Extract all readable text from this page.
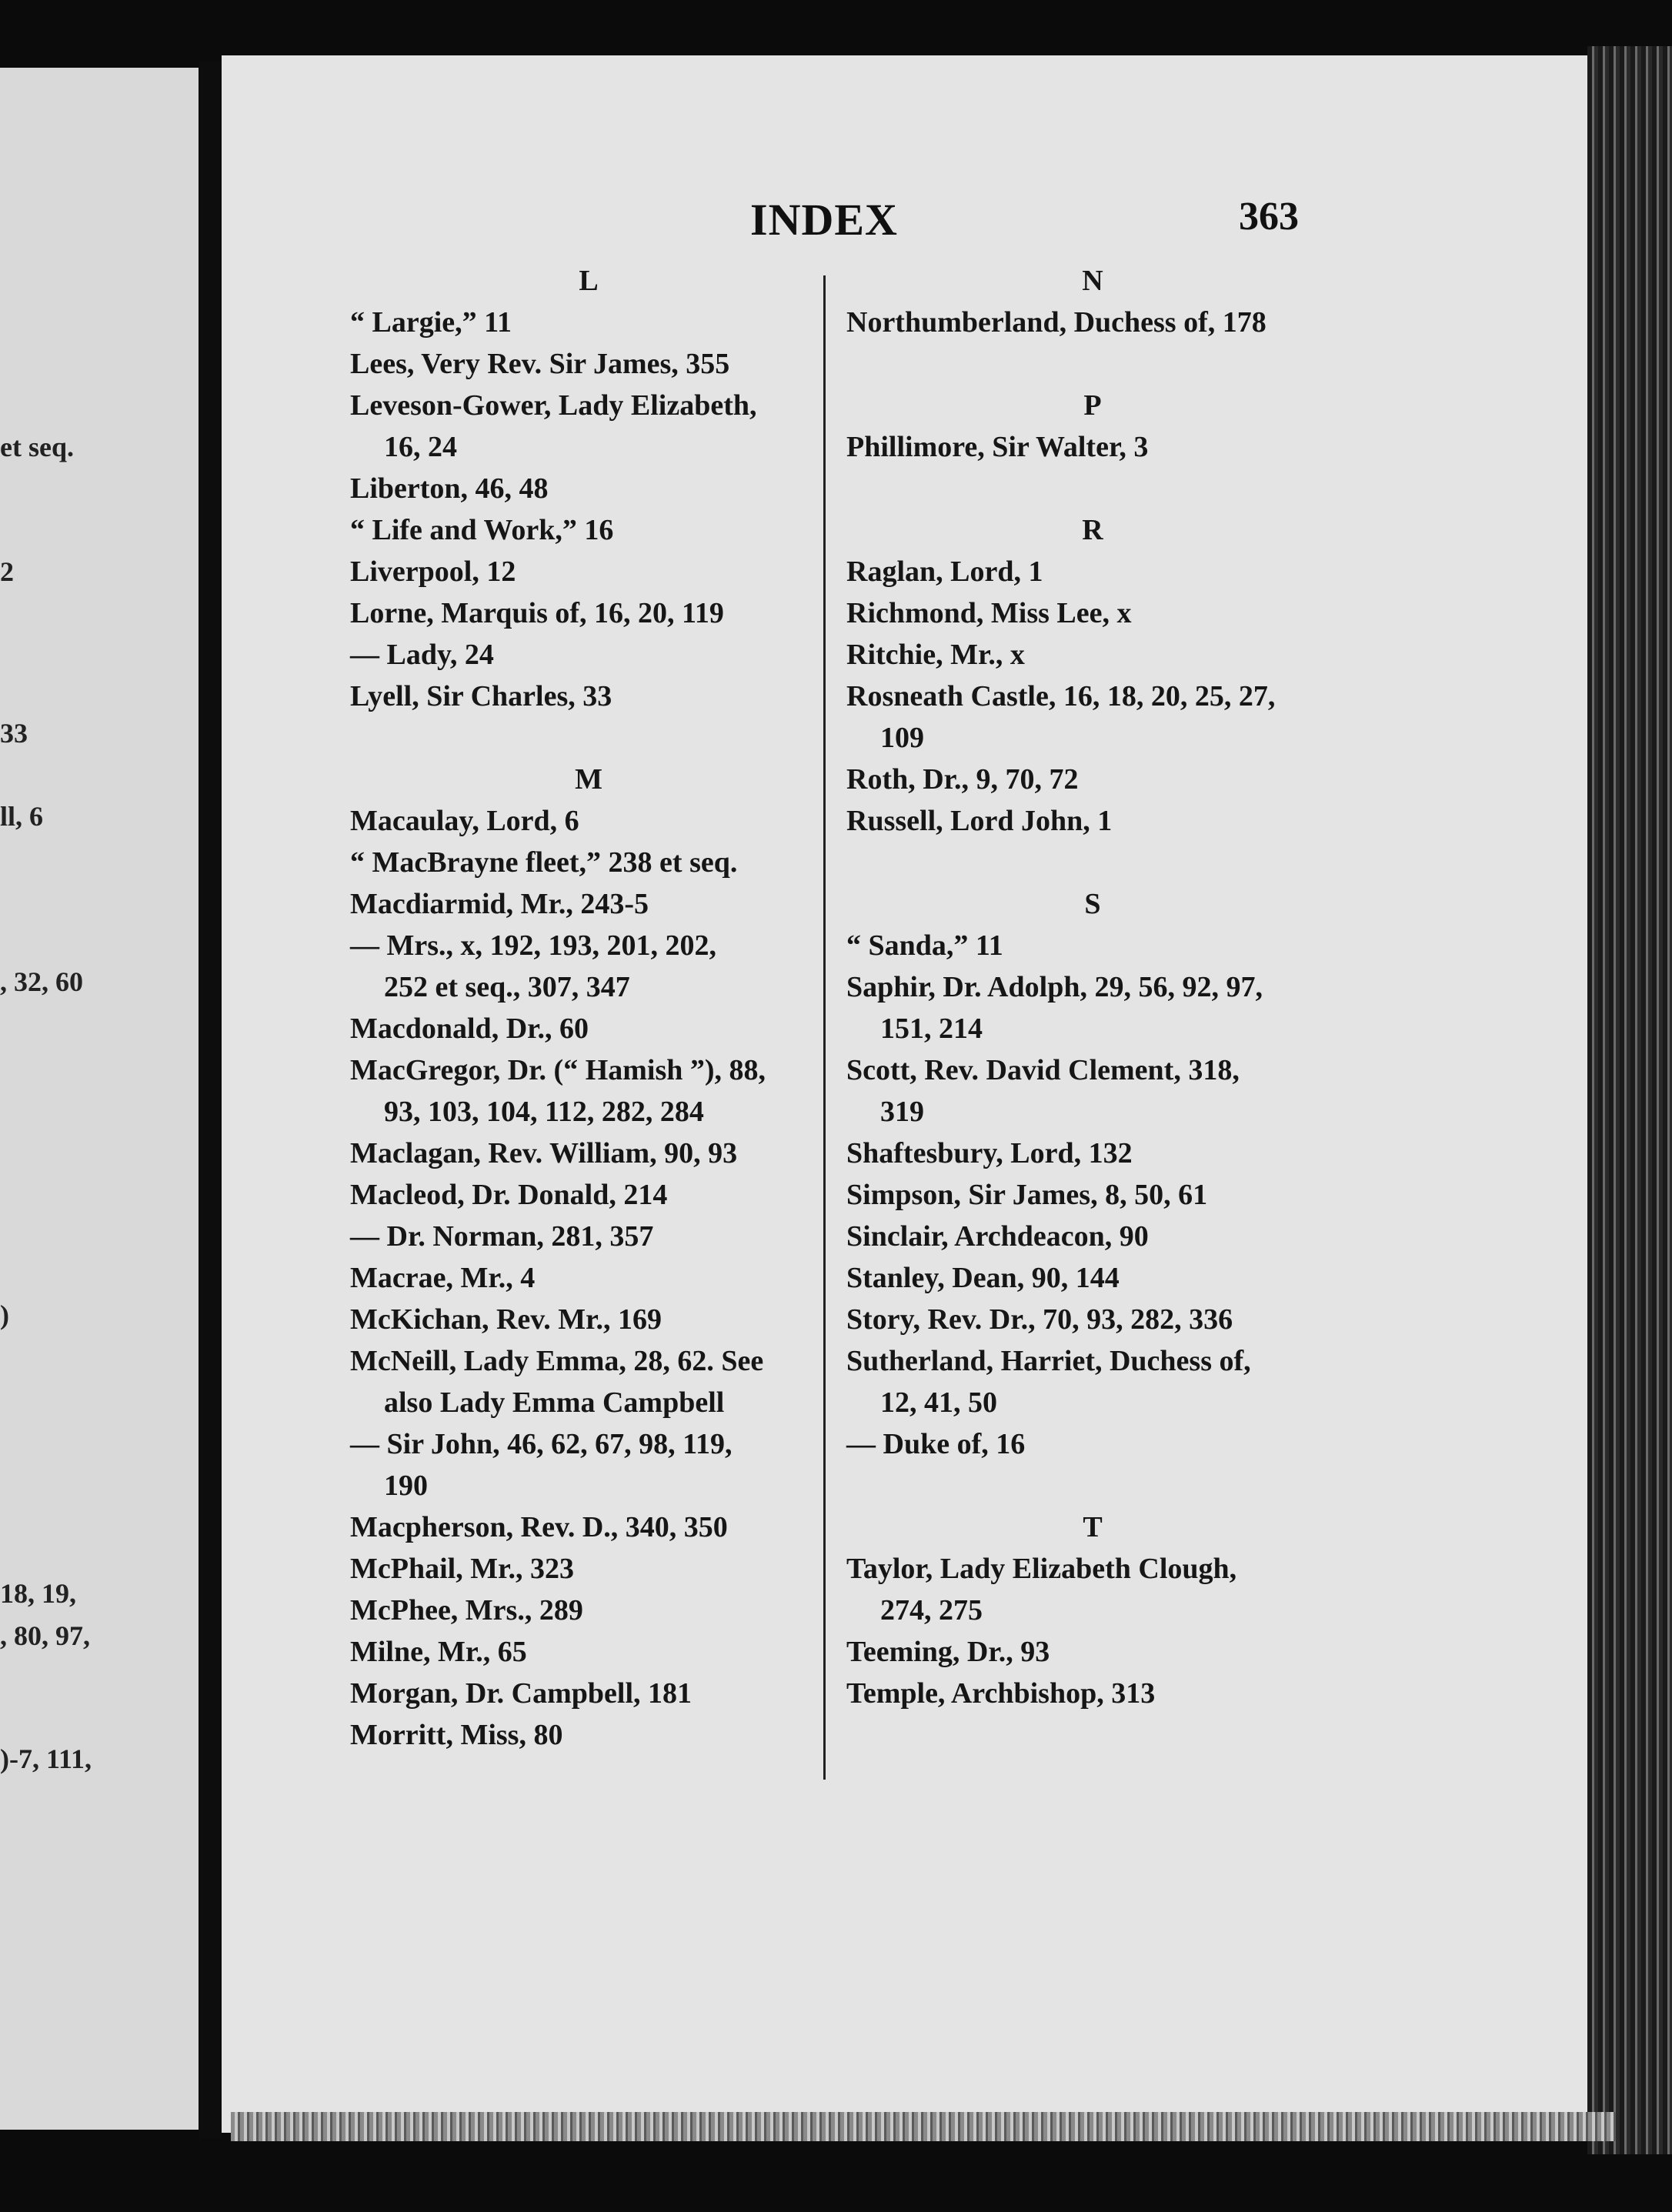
et seq.
2
33
ll, 6
, 32, 60
)
18, 19,
, 80, 97,
)-7, 111,
INDEX	363
L
“ Largie,” 11
Lees, Very Rev. Sir James, 355
Leveson-Gower, Lady Elizabeth,
16, 24
Liberton, 46, 48
“ Life and Work,” 16
Liverpool, 12
Lorne, Marquis of, 16, 20, 119
— Lady, 24
Lyell, Sir Charles, 33
M
Macaulay, Lord, 6
“ MacBrayne fleet,” 238 et seq.
Macdiarmid, Mr., 243-5
— Mrs., x, 192, 193, 201, 202,
252 et seq., 307, 347
Macdonald, Dr., 60
MacGregor, Dr. (“ Hamish ”), 88,
93, 103, 104, 112, 282, 284
Maclagan, Rev. William, 90, 93
Macleod, Dr. Donald, 214
— Dr. Norman, 281, 357
Macrae, Mr., 4
McKichan, Rev. Mr., 169
McNeill, Lady Emma, 28, 62. See
also Lady Emma Campbell
— Sir John, 46, 62, 67, 98, 119,
190
Macpherson, Rev. D., 340, 350
McPhail, Mr., 323
McPhee, Mrs., 289
Milne, Mr., 65
Morgan, Dr. Campbell, 181
Morritt, Miss, 80
N
Northumberland, Duchess of, 178
P
Phillimore, Sir Walter, 3
R
Raglan, Lord, 1
Richmond, Miss Lee, x
Ritchie, Mr., x
Rosneath Castle, 16, 18, 20, 25, 27,
109
Roth, Dr., 9, 70, 72
Russell, Lord John, 1
S
“ Sanda,” 11
Saphir, Dr. Adolph, 29, 56, 92, 97,
151, 214
Scott, Rev. David Clement, 318,
319
Shaftesbury, Lord, 132
Simpson, Sir James, 8, 50, 61
Sinclair, Archdeacon, 90
Stanley, Dean, 90, 144
Story, Rev. Dr., 70, 93, 282, 336
Sutherland, Harriet, Duchess of,
12, 41, 50
— Duke of, 16
T
Taylor, Lady Elizabeth Clough,
274, 275
Teeming, Dr., 93
Temple, Archbishop, 313
